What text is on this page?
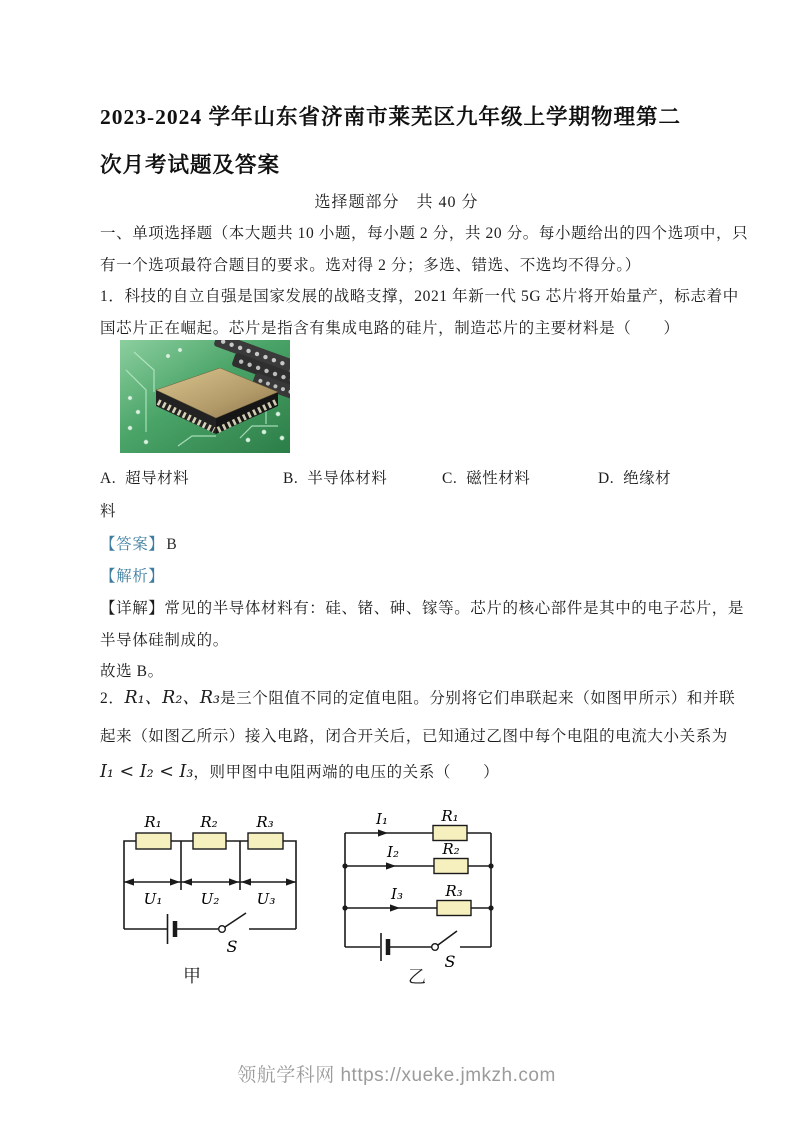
2023-2024 学年山东省济南市莱芜区九年级上学期物理第二
次月考试题及答案
选择题部分　共 40 分
一、单项选择题（本大题共 10 小题，每小题 2 分，共 20 分。每小题给出的四个选项中，只
有一个选项最符合题目的要求。选对得 2 分；多选、错选、不选均不得分。）
1．科技的自立自强是国家发展的战略支撑，2021 年新一代 5G 芯片将开始量产，标志着中
国芯片正在崛起。芯片是指含有集成电路的硅片，制造芯片的主要材料是（　　）
A. 超导材料	B. 半导体材料	C. 磁性材料	D. 绝缘材
料
【答案】 B
【解析】
【详解】常见的半导体材料有：硅、锗、砷、镓等。芯片的核心部件是其中的电子芯片，是
半导体硅制成的。
故选 B。
2．R₁、R₂、R₃是三个阻值不同的定值电阻。分别将它们串联起来（如图甲所示）和并联
起来（如图乙所示）接入电路，闭合开关后，已知通过乙图中每个电阻的电流大小关系为
I₁ < I₂ < I₃，则甲图中电阻两端的电压的关系（　　）
R₁	R₂	R₃
U₁	U₂ U₃
S
甲
I₁	R₁
I₂	R₂
I₃	R₃
S
乙
领航学科网 https://xueke.jmkzh.com
